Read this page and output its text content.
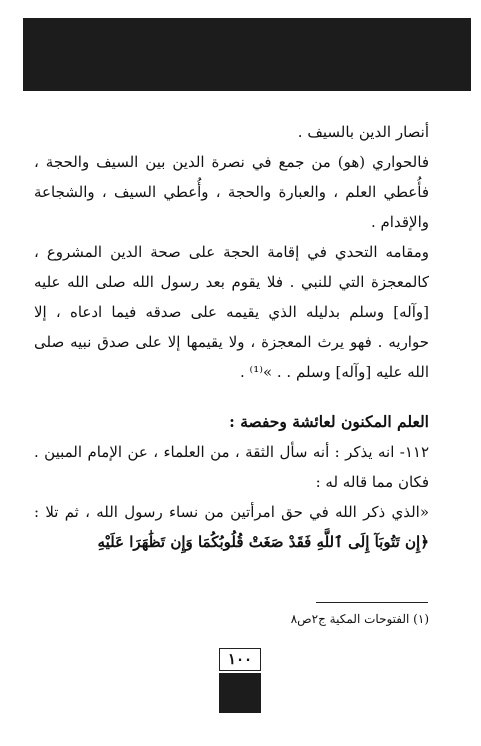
أنصار الدين بالسيف .

فالحواري (هو) من جمع في نصرة الدين بين السيف والحجة ، فأُعطي العلم ، والعبارة والحجة ، وأُعطي السيف ، والشجاعة والإقدام .

ومقامه التحدي في إقامة الحجة على صحة الدين المشروع ، كالمعجزة التي للنبي . فلا يقوم بعد رسول الله صلى الله عليه [وآله] وسلم بدليله الذي يقيمه على صدقه فيما ادعاه ، إلا حواريه . فهو يرث المعجزة ، ولا يقيمها إلا على صدق نبيه صلى الله عليه [وآله] وسلم . . »⁽¹⁾ .

العلم المكنون لعائشة وحفصة :

١١٢- انه يذكر : أنه سأل الثقة ، من العلماء ، عن الإمام المبين . فكان مما قاله له :

«الذي ذكر الله في حق امرأتين من نساء رسول الله ، ثم تلا : ﴿إِن تَتُوبَآ إِلَى ٱللَّهِ فَقَدْ صَغَتْ قُلُوبُكُمَا وَإِن تَظَٰهَرَا عَلَيْهِ

(١) الفتوحات المكية ج٢ص٨
١٠٠
